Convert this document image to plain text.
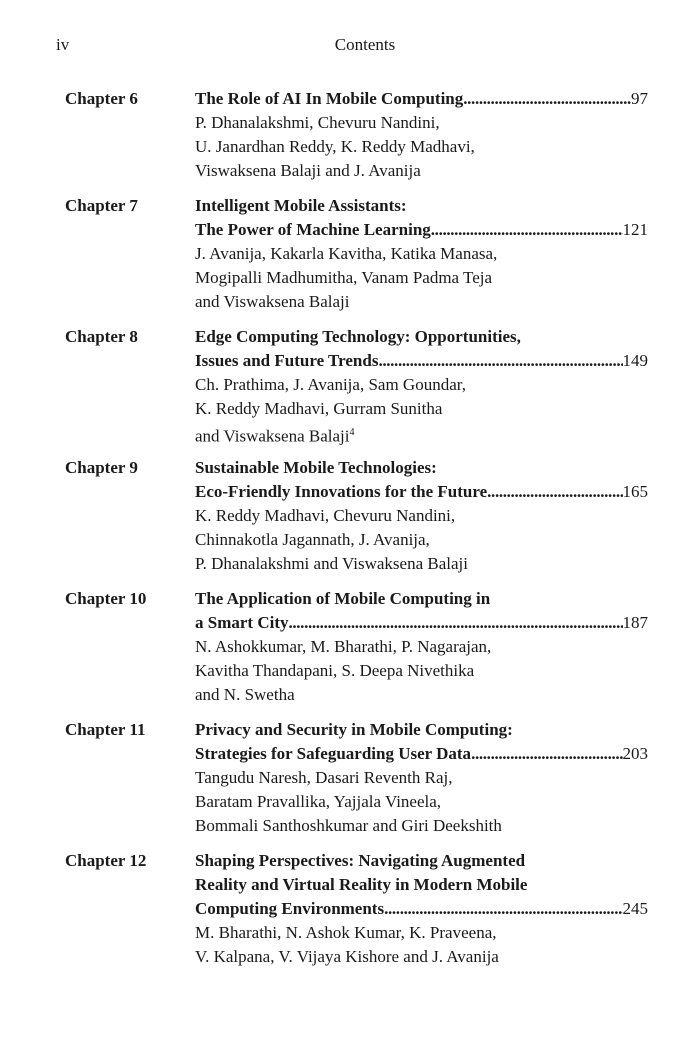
iv	Contents
Chapter 6	The Role of AI In Mobile Computing . . .	97
P. Dhanalakshmi, Chevuru Nandini,
U. Janardhan Reddy, K. Reddy Madhavi,
Viswaksena Balaji and J. Avanija
Chapter 7	Intelligent Mobile Assistants:
The Power of Machine Learning . . .	121
J. Avanija, Kakarla Kavitha, Katika Manasa,
Mogipalli Madhumitha, Vanam Padma Teja
and Viswaksena Balaji
Chapter 8	Edge Computing Technology: Opportunities,
Issues and Future Trends . . .	149
Ch. Prathima, J. Avanija, Sam Goundar,
K. Reddy Madhavi, Gurram Sunitha
and Viswaksena Balaji$^4$
Chapter 9	Sustainable Mobile Technologies:
Eco-Friendly Innovations for the Future . . .	165
K. Reddy Madhavi, Chevuru Nandini,
Chinnakotla Jagannath, J. Avanija,
P. Dhanalakshmi and Viswaksena Balaji
Chapter 10	The Application of Mobile Computing in
a Smart City . . .	187
N. Ashokkumar, M. Bharathi, P. Nagarajan,
Kavitha Thandapani, S. Deepa Nivethika
and N. Swetha
Chapter 11	Privacy and Security in Mobile Computing:
Strategies for Safeguarding User Data . . .	203
Tangudu Naresh, Dasari Reventh Raj,
Baratam Pravallika, Yajjala Vineela,
Bommali Santhoshkumar and Giri Deekshith
Chapter 12	Shaping Perspectives: Navigating Augmented
Reality and Virtual Reality in Modern Mobile
Computing Environments . . .	245
M. Bharathi, N. Ashok Kumar, K. Praveena,
V. Kalpana, V. Vijaya Kishore and J. Avanija
